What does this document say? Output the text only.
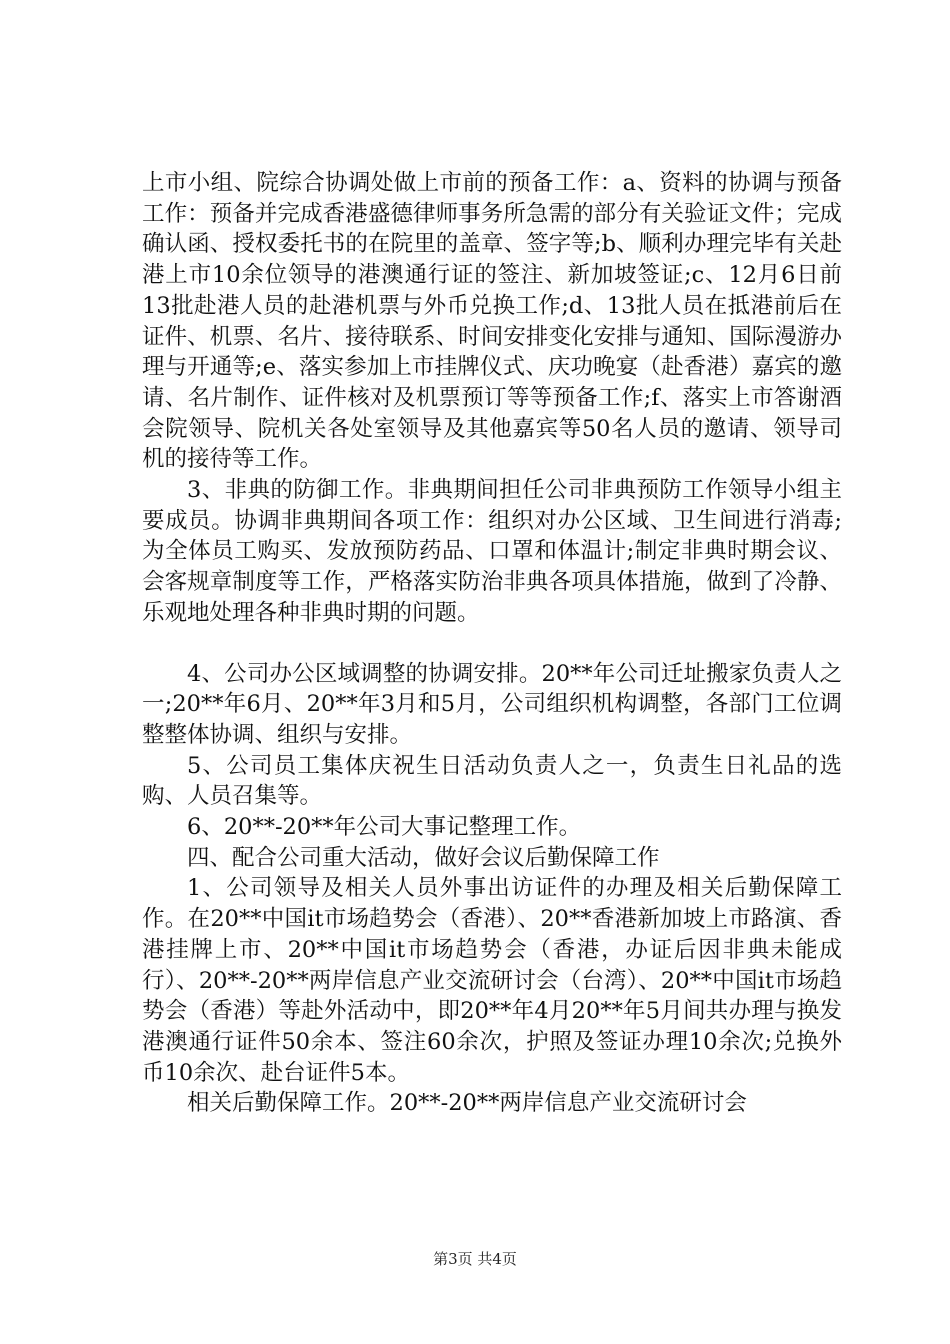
上市小组、院综合协调处做上市前的预备工作：a、资料的协调与预备工作：预备并完成香港盛德律师事务所急需的部分有关验证文件；完成确认函、授权委托书的在院里的盖章、签字等;b、顺利办理完毕有关赴港上市10余位领导的港澳通行证的签注、新加坡签证;c、12月6日前13批赴港人员的赴港机票与外币兑换工作;d、13批人员在抵港前后在证件、机票、名片、接待联系、时间安排变化安排与通知、国际漫游办理与开通等;e、落实参加上市挂牌仪式、庆功晚宴（赴香港）嘉宾的邀请、名片制作、证件核对及机票预订等等预备工作;f、落实上市答谢酒会院领导、院机关各处室领导及其他嘉宾等50名人员的邀请、领导司机的接待等工作。

3、非典的防御工作。非典期间担任公司非典预防工作领导小组主要成员。协调非典期间各项工作：组织对办公区域、卫生间进行消毒;为全体员工购买、发放预防药品、口罩和体温计;制定非典时期会议、会客规章制度等工作，严格落实防治非典各项具体措施，做到了冷静、乐观地处理各种非典时期的问题。

4、公司办公区域调整的协调安排。20**年公司迁址搬家负责人之一;20**年6月、20**年3月和5月，公司组织机构调整，各部门工位调整整体协调、组织与安排。

5、公司员工集体庆祝生日活动负责人之一，负责生日礼品的选购、人员召集等。

6、20**-20**年公司大事记整理工作。

四、配合公司重大活动，做好会议后勤保障工作

1、公司领导及相关人员外事出访证件的办理及相关后勤保障工作。在20**中国it市场趋势会（香港）、20**香港新加坡上市路演、香港挂牌上市、20**中国it市场趋势会（香港，办证后因非典未能成行）、20**-20**两岸信息产业交流研讨会（台湾）、20**中国it市场趋势会（香港）等赴外活动中，即20**年4月20**年5月间共办理与换发港澳通行证件50余本、签注60余次，护照及签证办理10余次;兑换外币10余次、赴台证件5本。

相关后勤保障工作。20**-20**两岸信息产业交流研讨会

第3页 共4页
